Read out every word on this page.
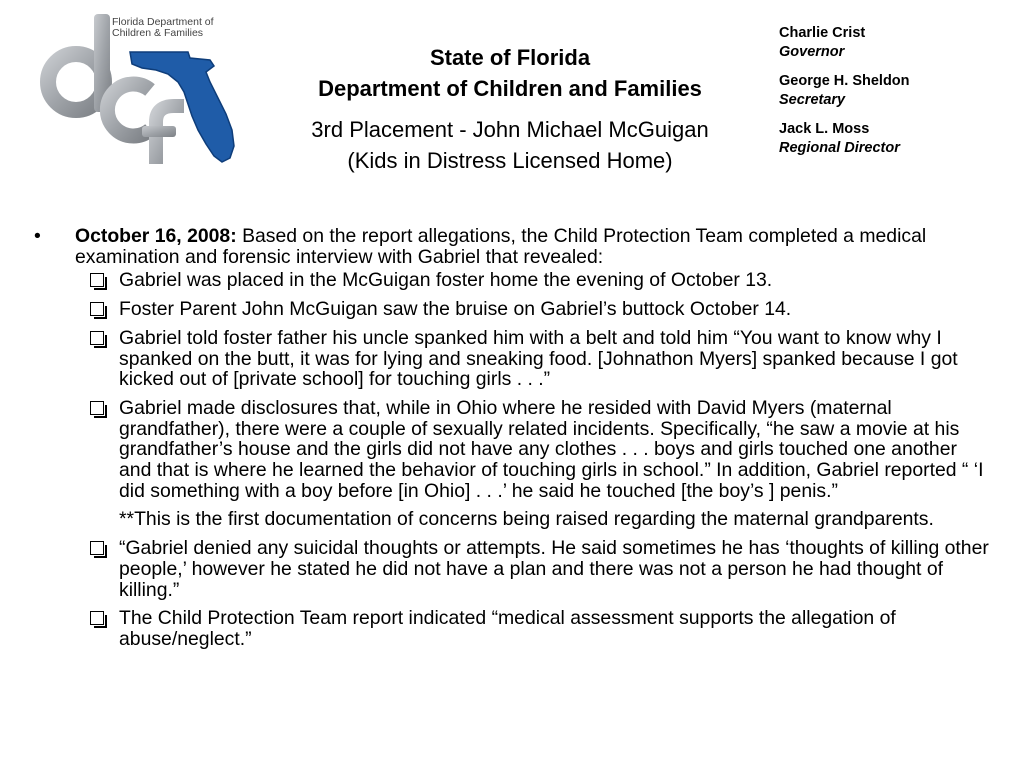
Florida Department of
Children & Families
State of Florida
Department of Children and Families
3rd Placement - John Michael McGuigan
(Kids in Distress Licensed Home)
Charlie Crist
Governor
George H. Sheldon
Secretary
Jack L. Moss
Regional Director
• October 16, 2008: Based on the report allegations, the Child Protection Team completed a medical examination and forensic interview with Gabriel that revealed:
Gabriel was placed in the McGuigan foster home the evening of October 13.
Foster Parent John McGuigan saw the bruise on Gabriel’s buttock October 14.
Gabriel told foster father his uncle spanked him with a belt and told him “You want to know why I spanked on the butt, it was for lying and sneaking food. [Johnathon Myers] spanked because I got kicked out of [private school] for touching girls . . .”
Gabriel made disclosures that, while in Ohio where he resided with David Myers (maternal grandfather), there were a couple of sexually related incidents. Specifically, “he saw a movie at his grandfather’s house and the girls did not have any clothes . . . boys and girls touched one another and that is where he learned the behavior of touching girls in school.” In addition, Gabriel reported “ ‘I did something with a boy before [in Ohio] . . .’ he said he touched [the boy’s ] penis.”
**This is the first documentation of concerns being raised regarding the maternal grandparents.
“Gabriel denied any suicidal thoughts or attempts. He said sometimes he has ‘thoughts of killing other people,’ however he stated he did not have a plan and there was not a person he had thought of killing.”
The Child Protection Team report indicated “medical assessment supports the allegation of abuse/neglect.”
